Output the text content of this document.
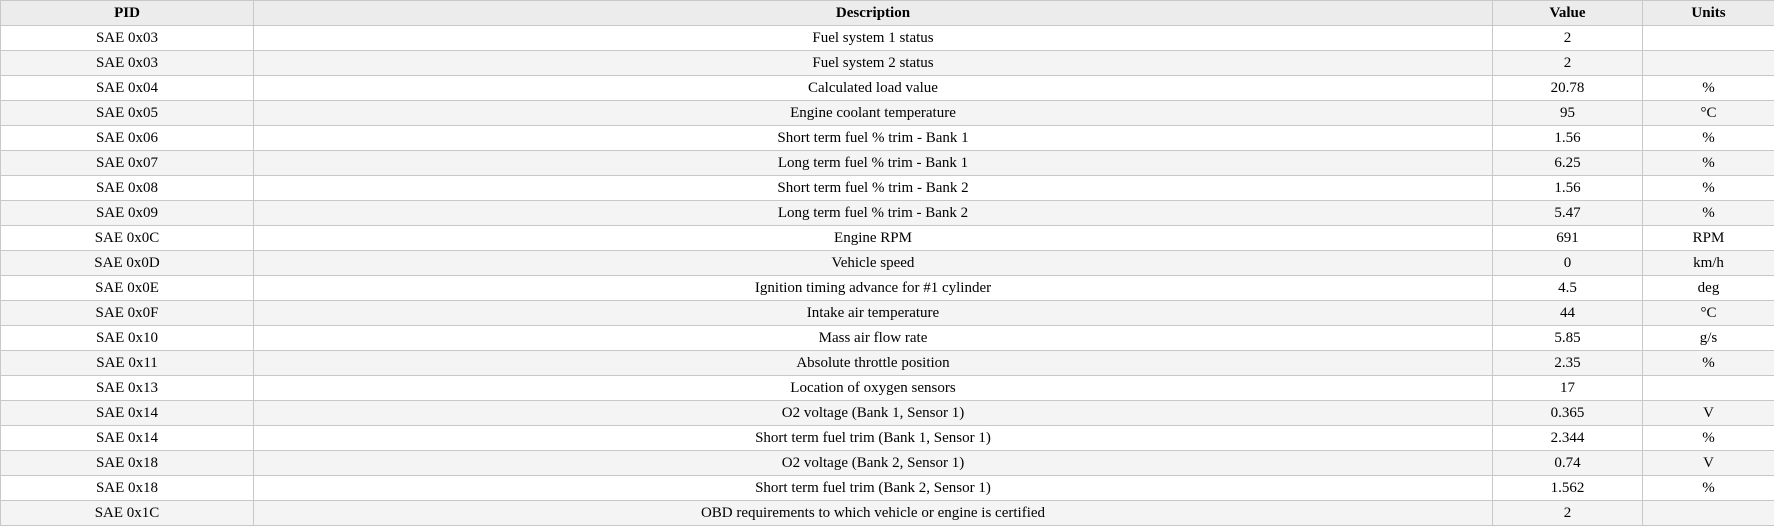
PID	Description	Value	Units
SAE 0x03	Fuel system 1 status	2	
SAE 0x03	Fuel system 2 status	2	
SAE 0x04	Calculated load value	20.78	%
SAE 0x05	Engine coolant temperature	95	°C
SAE 0x06	Short term fuel % trim - Bank 1	1.56	%
SAE 0x07	Long term fuel % trim - Bank 1	6.25	%
SAE 0x08	Short term fuel % trim - Bank 2	1.56	%
SAE 0x09	Long term fuel % trim - Bank 2	5.47	%
SAE 0x0C	Engine RPM	691	RPM
SAE 0x0D	Vehicle speed	0	km/h
SAE 0x0E	Ignition timing advance for #1 cylinder	4.5	deg
SAE 0x0F	Intake air temperature	44	°C
SAE 0x10	Mass air flow rate	5.85	g/s
SAE 0x11	Absolute throttle position	2.35	%
SAE 0x13	Location of oxygen sensors	17	
SAE 0x14	O2 voltage (Bank 1, Sensor 1)	0.365	V
SAE 0x14	Short term fuel trim (Bank 1, Sensor 1)	2.344	%
SAE 0x18	O2 voltage (Bank 2, Sensor 1)	0.74	V
SAE 0x18	Short term fuel trim (Bank 2, Sensor 1)	1.562	%
SAE 0x1C	OBD requirements to which vehicle or engine is certified	2	
